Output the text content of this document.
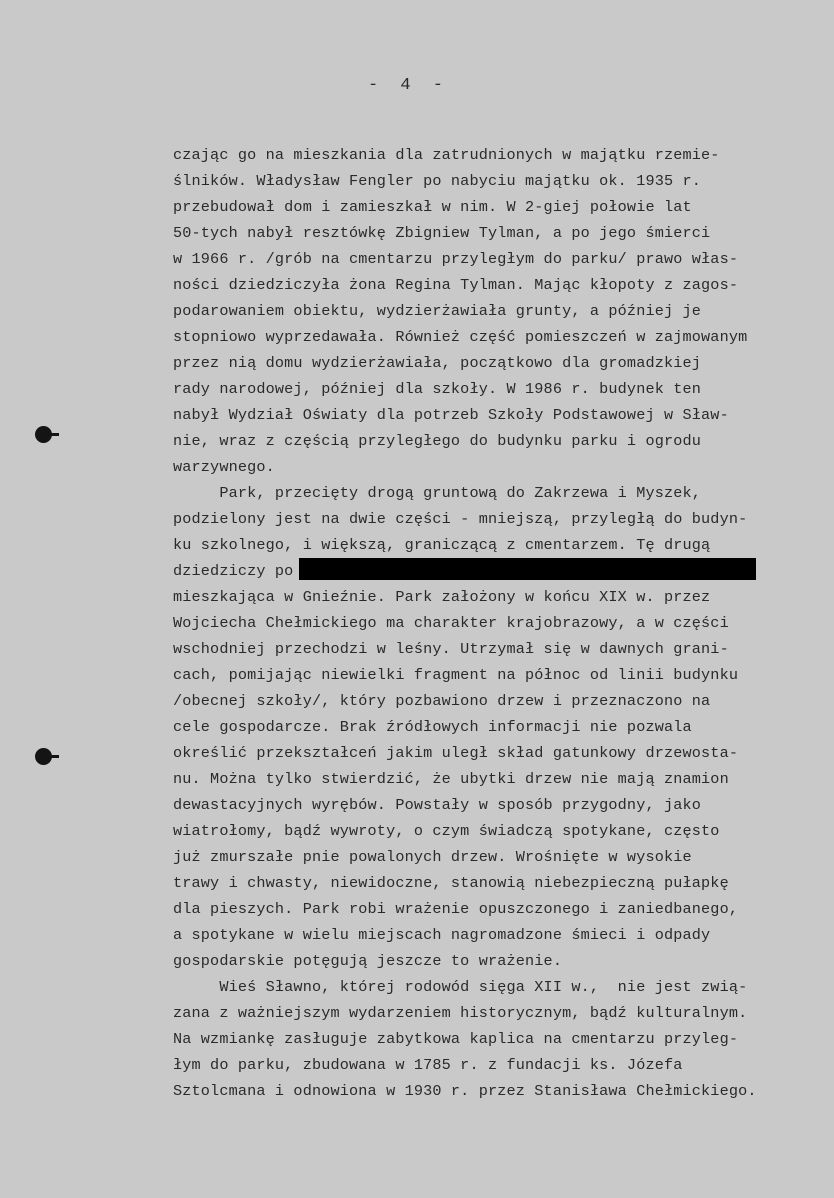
- 4 -
czając go na mieszkania dla zatrudnionych w majątku rzemie-
ślników. Władysław Fengler po nabyciu majątku ok. 1935 r.
przebudował dom i zamieszkał w nim. W 2-giej połowie lat
50-tych nabył resztówkę Zbigniew Tylman, a po jego śmierci
w 1966 r. /grób na cmentarzu przyległym do parku/ prawo włas-
ności dziedziczyła żona Regina Tylman. Mając kłopoty z zagos-
podarowaniem obiektu, wydzierżawiała grunty, a później je
stopniowo wyprzedawała. Również część pomieszczeń w zajmowanym
przez nią domu wydzierżawiała, początkowo dla gromadzkiej
rady narodowej, później dla szkoły. W 1986 r. budynek ten
nabył Wydział Oświaty dla potrzeb Szkoły Podstawowej w Sław-
nie, wraz z częścią przyległego do budynku parku i ogrodu
warzywnego.
Park, przecięty drogą gruntową do Zakrzewa i Myszek,
podzielony jest na dwie części - mniejszą, przyległą do budyn-
ku szkolnego, i większą, graniczącą z cmentarzem. Tę drugą
dziedziczy po
mieszkająca w Gnieźnie. Park założony w końcu XIX w. przez
Wojciecha Chełmickiego ma charakter krajobrazowy, a w części
wschodniej przechodzi w leśny. Utrzymał się w dawnych grani-
cach, pomijając niewielki fragment na północ od linii budynku
/obecnej szkoły/, który pozbawiono drzew i przeznaczono na
cele gospodarcze. Brak źródłowych informacji nie pozwala
określić przekształceń jakim uległ skład gatunkowy drzewosta-
nu. Można tylko stwierdzić, że ubytki drzew nie mają znamion
dewastacyjnych wyrębów. Powstały w sposób przygodny, jako
wiatrołomy, bądź wywroty, o czym świadczą spotykane, często
już zmurszałe pnie powalonych drzew. Wrośnięte w wysokie
trawy i chwasty, niewidoczne, stanowią niebezpieczną pułapkę
dla pieszych. Park robi wrażenie opuszczonego i zaniedbanego,
a spotykane w wielu miejscach nagromadzone śmieci i odpady
gospodarskie potęgują jeszcze to wrażenie.
Wieś Sławno, której rodowód sięga XII w.,  nie jest zwią-
zana z ważniejszym wydarzeniem historycznym, bądź kulturalnym.
Na wzmiankę zasługuje zabytkowa kaplica na cmentarzu przyleg-
łym do parku, zbudowana w 1785 r. z fundacji ks. Józefa
Sztolcmana i odnowiona w 1930 r. przez Stanisława Chełmickiego.
